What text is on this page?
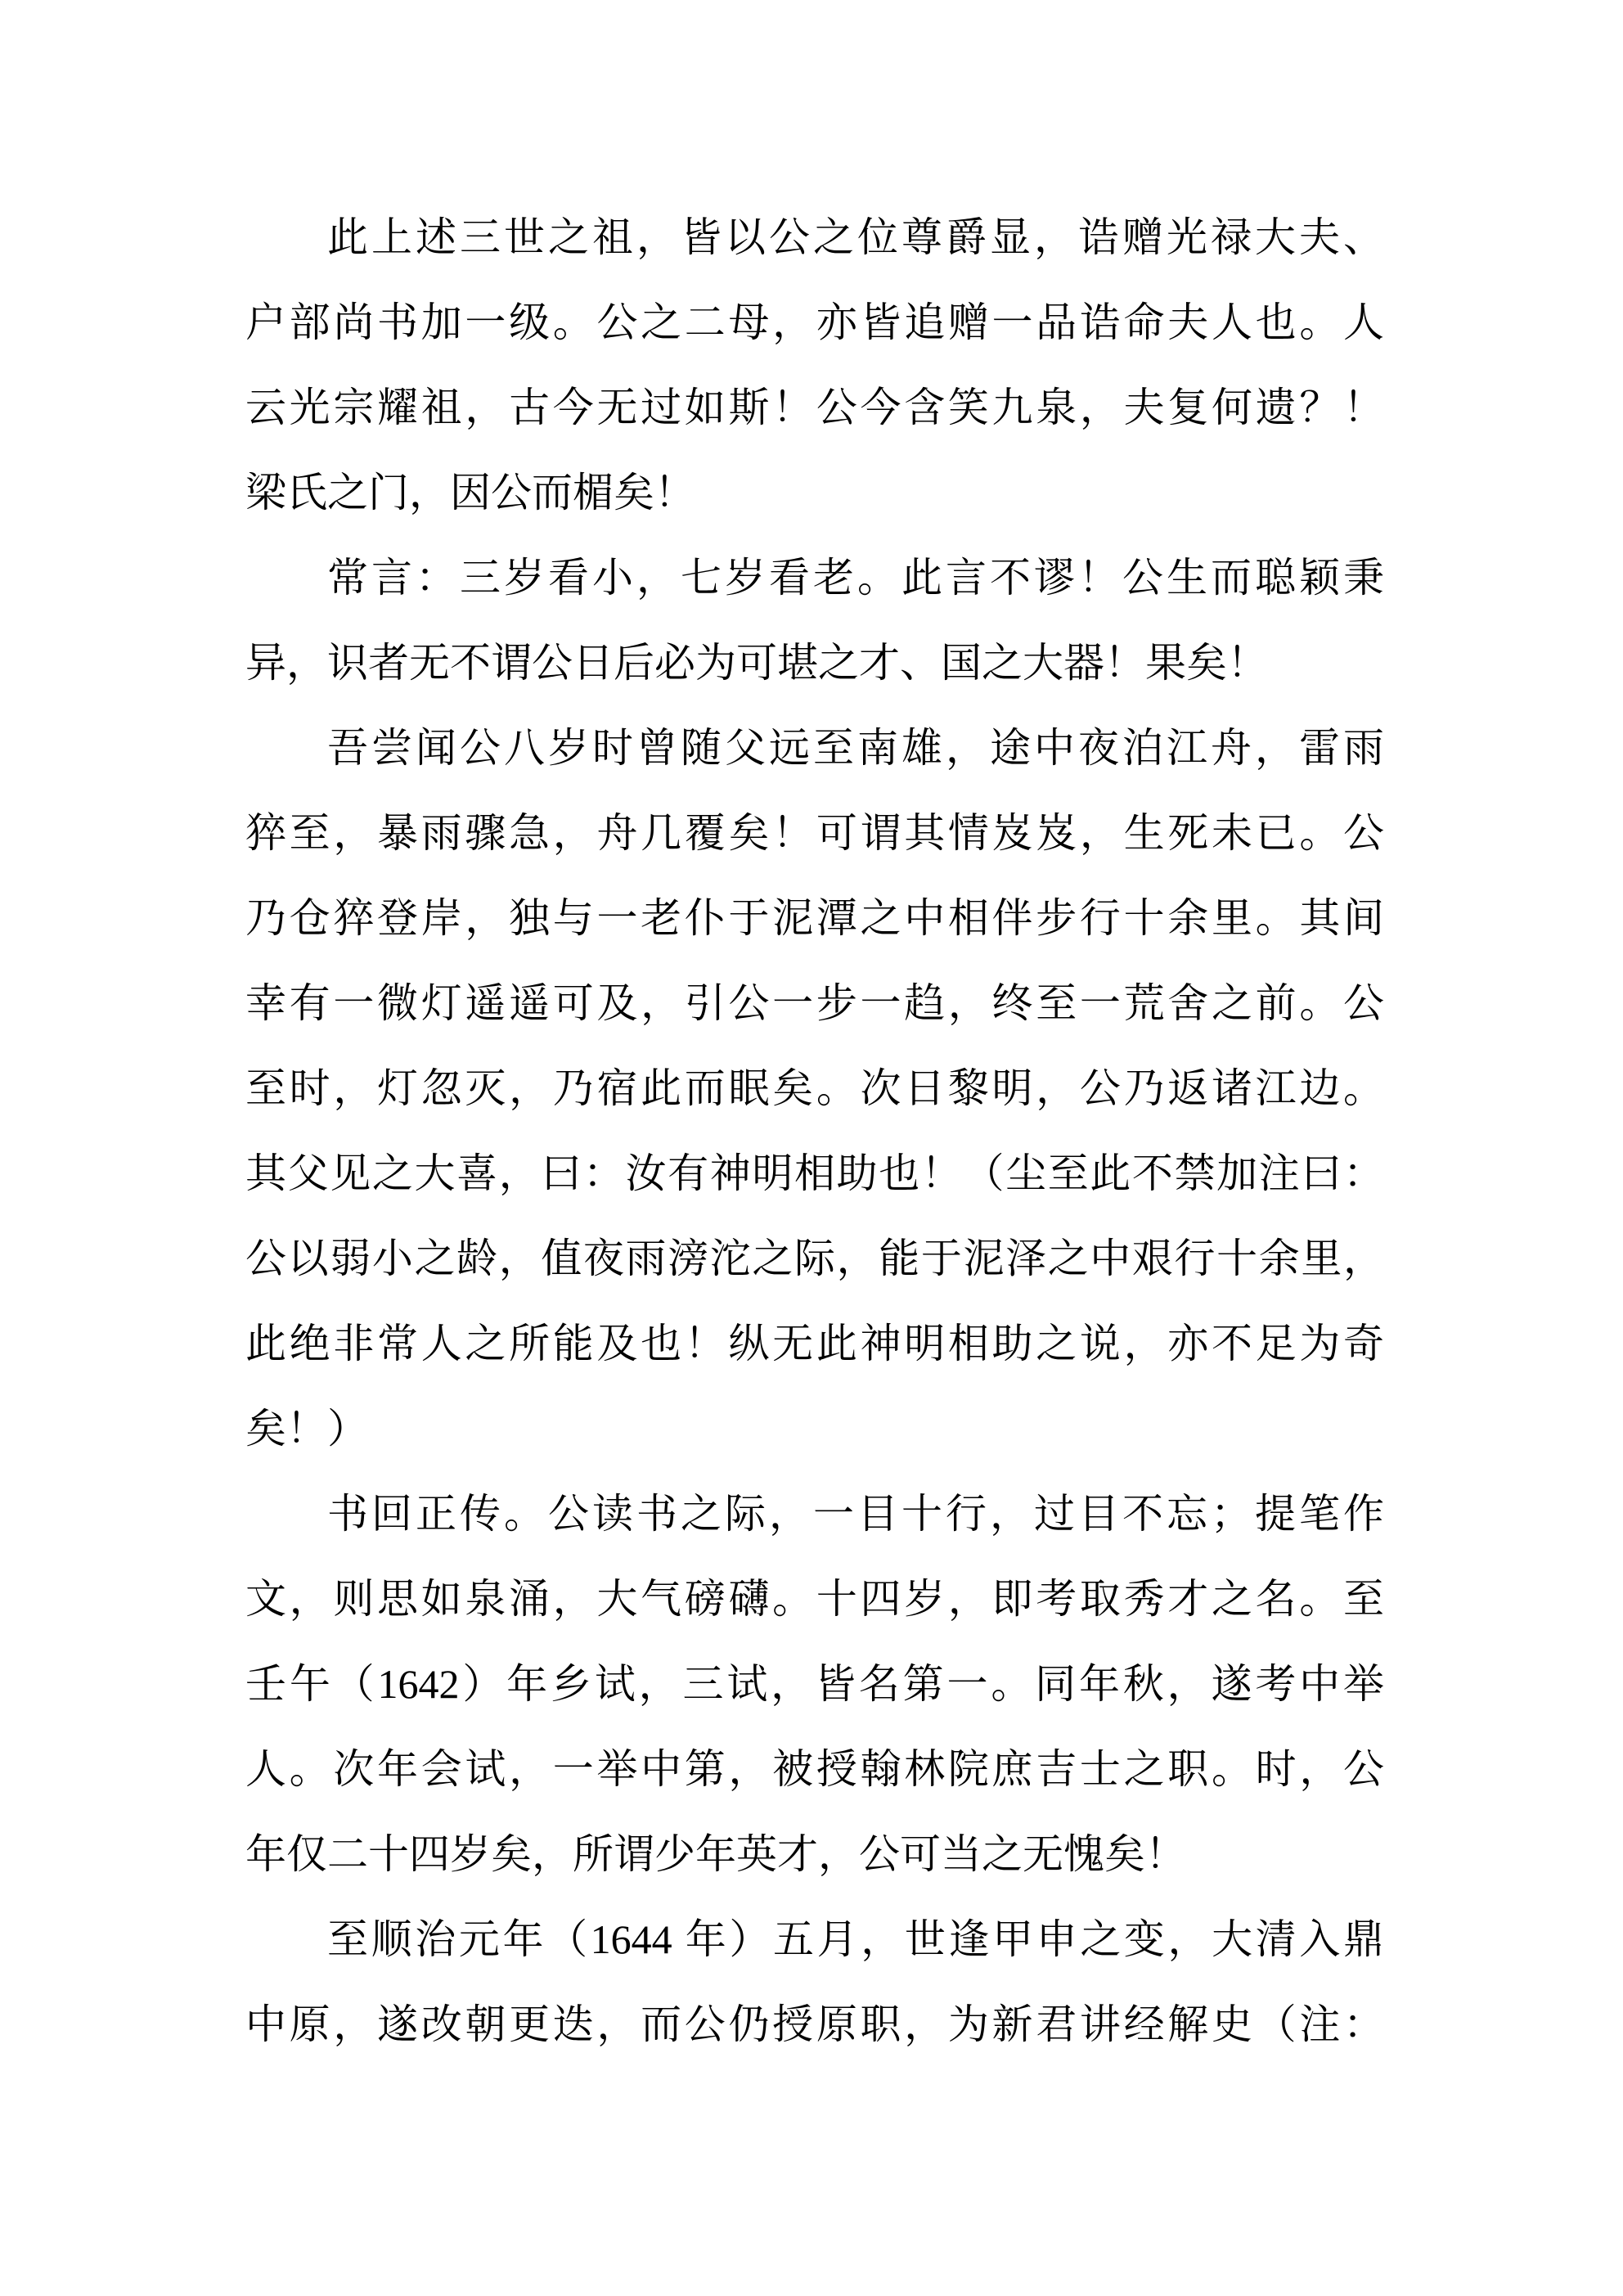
此上述三世之祖，皆以公之位尊爵显，诰赠光禄大夫、
户部尚书加一级。公之二母，亦皆追赠一品诰命夫人也。人
云光宗耀祖，古今无过如斯！公今含笑九泉，夫复何遗？！
梁氏之门，因公而楣矣！
常言：三岁看小，七岁看老。此言不谬！公生而聪颖秉
异，识者无不谓公日后必为可堪之才、国之大器！果矣！
吾尝闻公八岁时曾随父远至南雄，途中夜泊江舟，雷雨
猝至，暴雨骤急，舟几覆矣！可谓其情岌岌，生死未已。公
乃仓猝登岸，独与一老仆于泥潭之中相伴步行十余里。其间
幸有一微灯遥遥可及，引公一步一趋，终至一荒舍之前。公
至时，灯忽灭，乃宿此而眠矣。次日黎明，公乃返诸江边。
其父见之大喜，曰：汝有神明相助也！（尘至此不禁加注曰：
公以弱小之龄，值夜雨滂沱之际，能于泥泽之中艰行十余里，
此绝非常人之所能及也！纵无此神明相助之说，亦不足为奇
矣！）
书回正传。公读书之际，一目十行，过目不忘；提笔作
文，则思如泉涌，大气磅礴。十四岁，即考取秀才之名。至
壬午（1642）年乡试，三试，皆名第一。同年秋，遂考中举
人。次年会试，一举中第，被授翰林院庶吉士之职。时，公
年仅二十四岁矣，所谓少年英才，公可当之无愧矣！
至顺治元年（1644 年）五月，世逢甲申之变，大清入鼎
中原，遂改朝更迭，而公仍授原职，为新君讲经解史（注：
